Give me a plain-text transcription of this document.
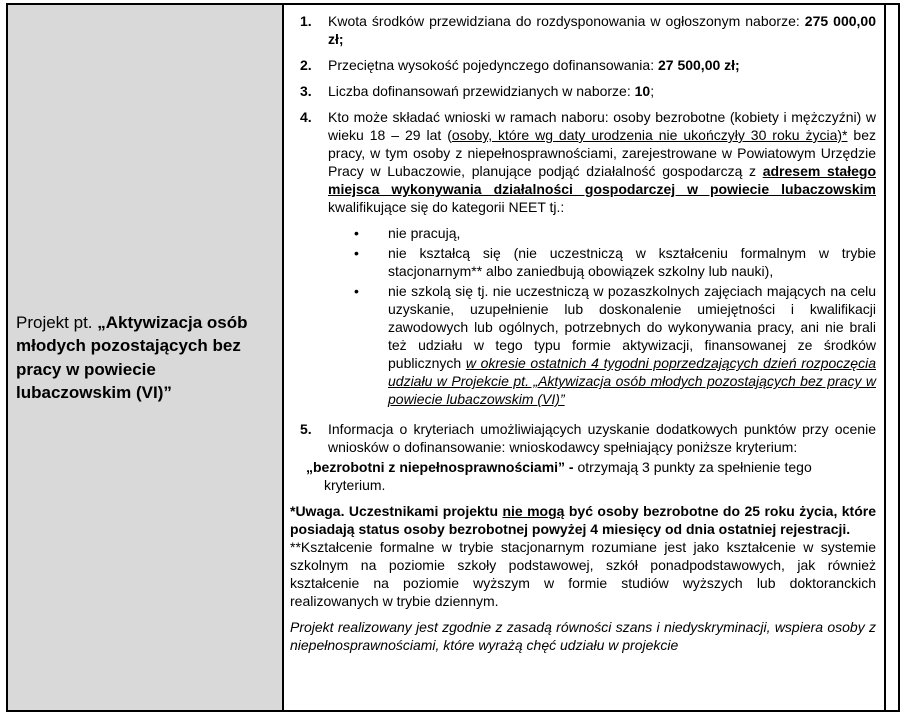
Projekt pt. „Aktywizacja osób młodych pozostających bez pracy w powiecie lubaczowskim (VI)”

1.	Kwota środków przewidziana do rozdysponowania w ogłoszonym naborze: 275 000,00 zł;
2.	Przeciętna wysokość pojedynczego dofinansowania: 27 500,00 zł;
3.	Liczba dofinansowań przewidzianych w naborze: 10;
4.	Kto może składać wnioski w ramach naboru: osoby bezrobotne (kobiety i mężczyźni) w wieku 18 – 29 lat (osoby, które wg daty urodzenia nie ukończyły 30 roku życia)* bez pracy, w tym osoby z niepełnosprawnościami, zarejestrowane w Powiatowym Urzędzie Pracy w Lubaczowie, planujące podjąć działalność gospodarczą z adresem stałego miejsca wykonywania działalności gospodarczej w powiecie lubaczowskim kwalifikujące się do kategorii NEET tj.:
•	nie pracują,
•	nie kształcą się (nie uczestniczą w kształceniu formalnym w trybie stacjonarnym** albo zaniedbują obowiązek szkolny lub nauki),
•	nie szkolą się tj. nie uczestniczą w pozaszkolnych zajęciach mających na celu uzyskanie, uzupełnienie lub doskonalenie umiejętności i kwalifikacji zawodowych lub ogólnych, potrzebnych do wykonywania pracy, ani nie brali też udziału w tego typu formie aktywizacji, finansowanej ze środków publicznych w okresie ostatnich 4 tygodni poprzedzających dzień rozpoczęcia udziału w Projekcie pt. „Aktywizacja osób młodych pozostających bez pracy w powiecie lubaczowskim (VI)”
5.	Informacja o kryteriach umożliwiających uzyskanie dodatkowych punktów przy ocenie wniosków o dofinansowanie: wnioskodawcy spełniający poniższe kryterium:
„bezrobotni z niepełnosprawnościami” - otrzymają 3 punkty za spełnienie tego kryterium.
*Uwaga. Uczestnikami projektu nie mogą być osoby bezrobotne do 25 roku życia, które posiadają status osoby bezrobotnej powyżej 4 miesięcy od dnia ostatniej rejestracji.
**Kształcenie formalne w trybie stacjonarnym rozumiane jest jako kształcenie w systemie szkolnym na poziomie szkoły podstawowej, szkół ponadpodstawowych, jak również kształcenie na poziomie wyższym w formie studiów wyższych lub doktoranckich realizowanych w trybie dziennym.
Projekt realizowany jest zgodnie z zasadą równości szans i niedyskryminacji, wspiera osoby z niepełnosprawnościami, które wyrażą chęć udziału w projekcie
